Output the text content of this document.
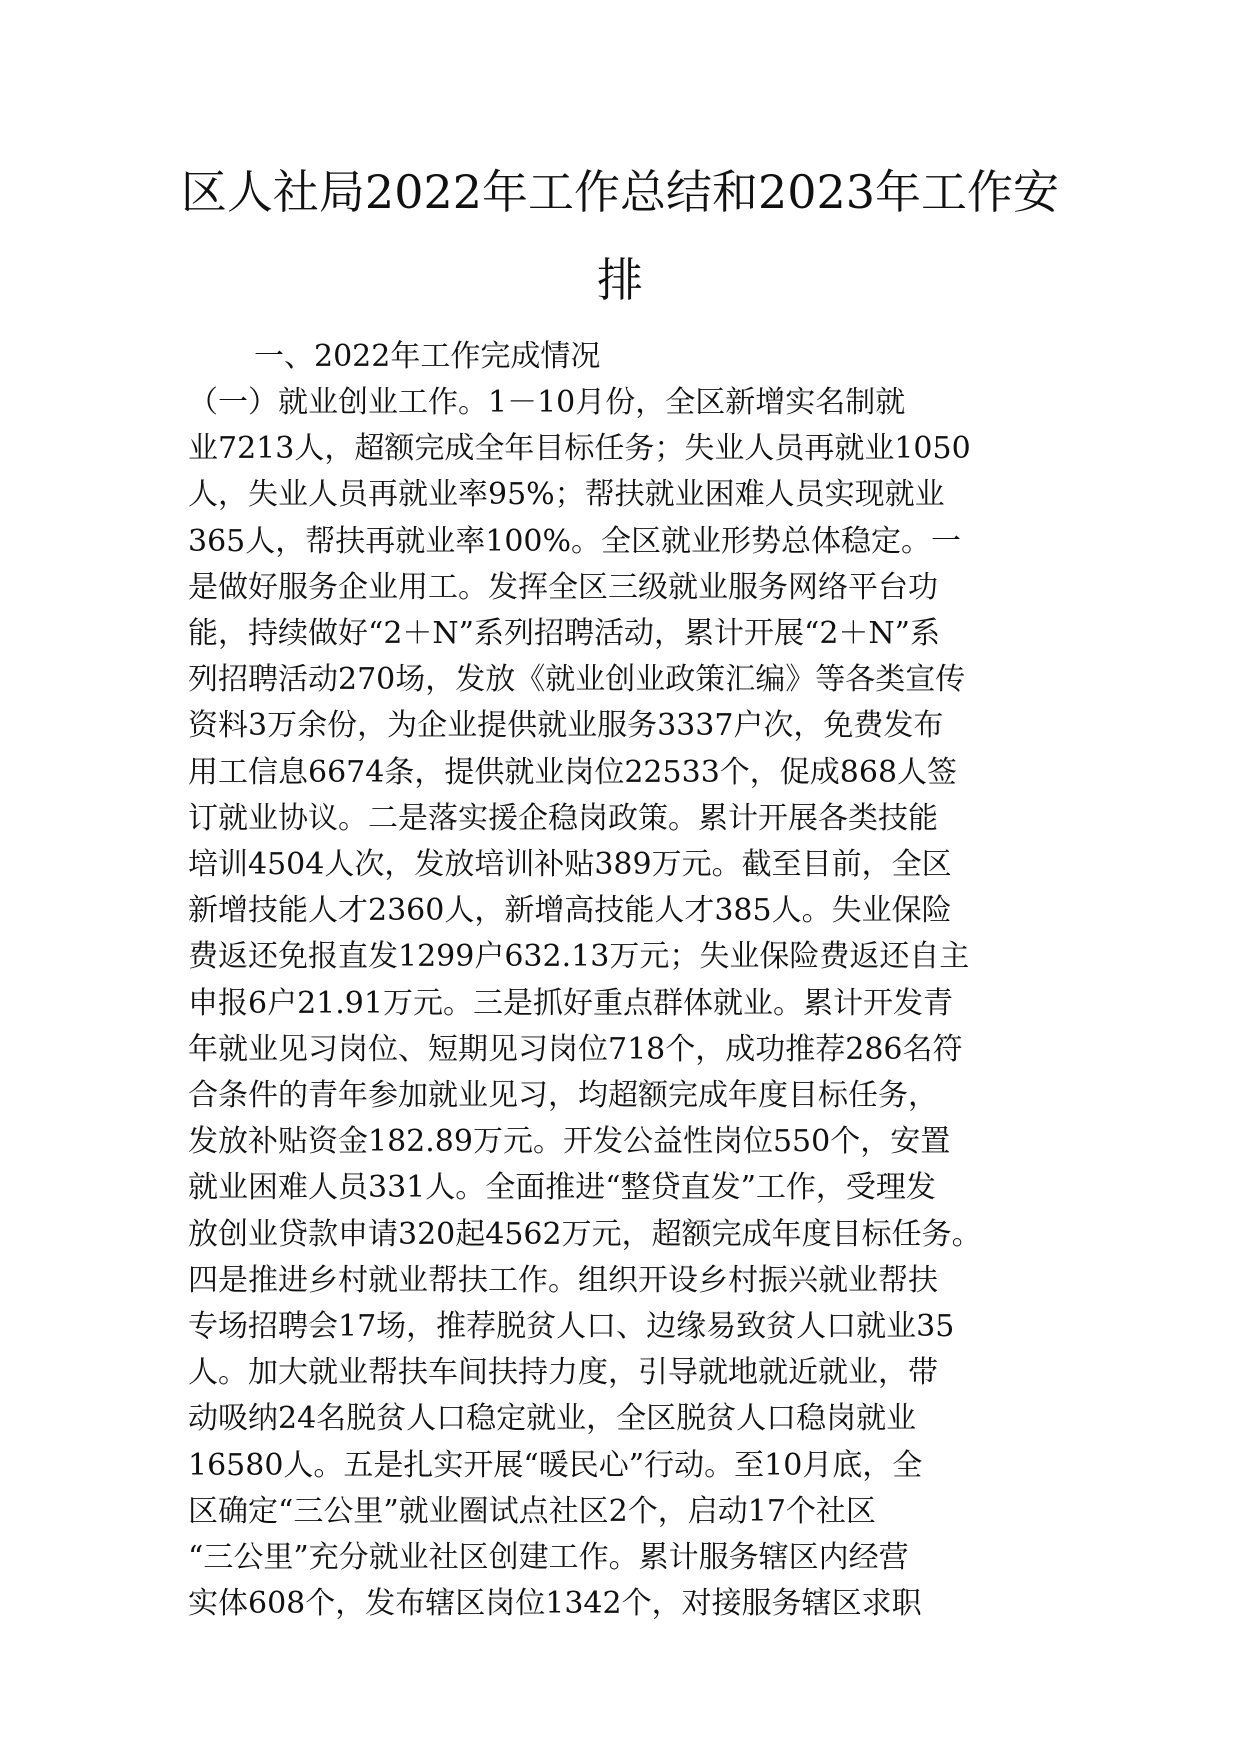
区人社局2022年工作总结和2023年工作安
排

一、2022年工作完成情况

（一）就业创业工作。1－10月份，全区新增实名制就
业7213人，超额完成全年目标任务；失业人员再就业1050
人，失业人员再就业率95%；帮扶就业困难人员实现就业
365人，帮扶再就业率100%。全区就业形势总体稳定。一
是做好服务企业用工。发挥全区三级就业服务网络平台功
能，持续做好“2＋N”系列招聘活动，累计开展“2＋N”系
列招聘活动270场，发放《就业创业政策汇编》等各类宣传
资料3万余份，为企业提供就业服务3337户次，免费发布
用工信息6674条，提供就业岗位22533个，促成868人签
订就业协议。二是落实援企稳岗政策。累计开展各类技能
培训4504人次，发放培训补贴389万元。截至目前，全区
新增技能人才2360人，新增高技能人才385人。失业保险
费返还免报直发1299户632.13万元；失业保险费返还自主
申报6户21.91万元。三是抓好重点群体就业。累计开发青
年就业见习岗位、短期见习岗位718个，成功推荐286名符
合条件的青年参加就业见习，均超额完成年度目标任务，
发放补贴资金182.89万元。开发公益性岗位550个，安置
就业困难人员331人。全面推进“整贷直发”工作，受理发
放创业贷款申请320起4562万元，超额完成年度目标任务。
四是推进乡村就业帮扶工作。组织开设乡村振兴就业帮扶
专场招聘会17场，推荐脱贫人口、边缘易致贫人口就业35
人。加大就业帮扶车间扶持力度，引导就地就近就业，带
动吸纳24名脱贫人口稳定就业，全区脱贫人口稳岗就业
16580人。五是扎实开展“暖民心”行动。至10月底，全
区确定“三公里”就业圈试点社区2个，启动17个社区
“三公里”充分就业社区创建工作。累计服务辖区内经营
实体608个，发布辖区岗位1342个，对接服务辖区求职
